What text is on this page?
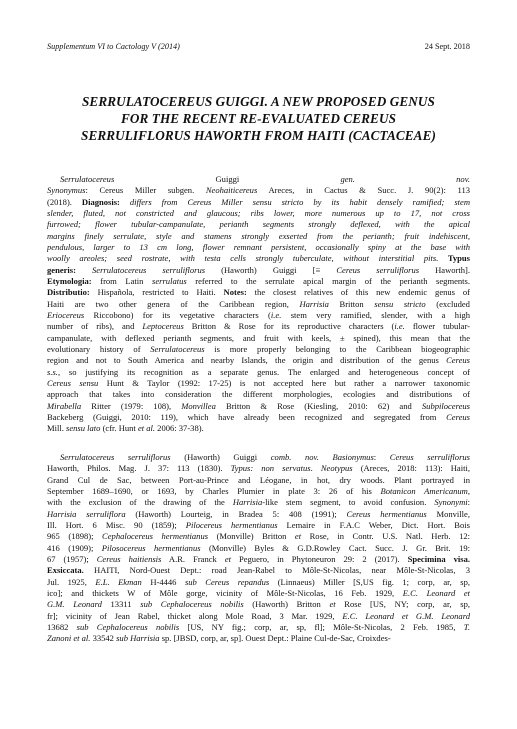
Supplementum VI to Cactology V (2014)	24 Sept. 2018
SERRULATOCEREUS GUIGGI. A NEW PROPOSED GENUS
FOR THE RECENT RE-EVALUATED CEREUS
SERRULIFLORUS HAWORTH FROM HAITI (CACTACEAE)
Serrulatocereus Guiggi gen. nov.
Synonymus: Cereus Miller subgen. Neohaiticereus Areces, in Cactus & Succ. J. 90(2): 113
(2018). Diagnosis: differs from Cereus Miller sensu stricto by its habit densely ramified; stem
slender, fluted, not constricted and glaucous; ribs lower, more numerous up to 17, not cross
furrowed; flower tubular-campanulate, perianth segments strongly deflexed, with the apical
margins finely serrulate, style and stamens strongly exserted from the perianth; fruit indehiscent,
pendulous, larger to 13 cm long, flower remnant persistent, occasionally spiny at the base with
woolly areoles; seed rostrate, with testa cells strongly tuberculate, without interstitial pits. Typus
generis: Serrulatocereus serruliflorus (Haworth) Guiggi [≡ Cereus serruliflorus Haworth].
Etymologia: from Latin serrulatus referred to the serrulate apical margin of the perianth segments.
Distributio: Hispañola, restricted to Haiti. Notes: the closest relatives of this new endemic genus of
Haiti are two other genera of the Caribbean region, Harrisia Britton sensu stricto (excluded
Eriocereus Riccobono) for its vegetative characters (i.e. stem very ramified, slender, with a high
number of ribs), and Leptocereus Britton & Rose for its reproductive characters (i.e. flower tubular-
campanulate, with deflexed perianth segments, and fruit with keels, ± spined), this mean that the
evolutionary history of Serrulatocereus is more properly belonging to the Caribbean biogeographic
region and not to South America and nearby Islands, the origin and distribution of the genus Cereus
s.s., so justifying its recognition as a separate genus. The enlarged and heterogeneous concept of
Cereus sensu Hunt & Taylor (1992: 17-25) is not accepted here but rather a narrower taxonomic
approach that takes into consideration the different morphologies, ecologies and distributions of
Mirabella Ritter (1979: 108), Monvillea Britton & Rose (Kiesling, 2010: 62) and Subpilocereus
Backeberg (Guiggi, 2010: 119), which have already been recognized and segregated from Cereus
Mill. sensu lato (cfr. Hunt et al. 2006: 37-38).
Serrulatocereus serruliflorus (Haworth) Guiggi comb. nov. Basionymus: Cereus serruliflorus
Haworth, Philos. Mag. J. 37: 113 (1830). Typus: non servatus. Neotypus (Areces, 2018: 113): Haiti,
Grand Cul de Sac, between Port-au-Prince and Léogane, in hot, dry woods. Plant portrayed in
September 1689–1690, or 1693, by Charles Plumier in plate 3: 26 of his Botanicon Americanum,
with the exclusion of the drawing of the Harrisia-like stem segment, to avoid confusion. Synonymi:
Harrisia serruliflora (Haworth) Lourteig, in Bradea 5: 408 (1991); Cereus hermentianus Monville,
Ill. Hort. 6 Misc. 90 (1859); Pilocereus hermentianus Lemaire in F.A.C Weber, Dict. Hort. Bois
965 (1898); Cephalocereus hermentianus (Monville) Britton et Rose, in Contr. U.S. Natl. Herb. 12:
416 (1909); Pilosocereus hermentianus (Monville) Byles & G.D.Rowley Cact. Succ. J. Gr. Brit. 19:
67 (1957); Cereus haitiensis A.R. Franck et Peguero, in Phytoneuron 29: 2 (2017). Specimina visa.
Exsiccata. HAITI, Nord-Ouest Dept.: road Jean-Rabel to Môle-St-Nicolas, near Môle-St-Nicolas, 3
Jul. 1925, E.L. Ekman H-4446 sub Cereus repandus (Linnaeus) Miller [S,US fig. 1; corp, ar, sp,
ico]; and thickets W of Môle gorge, vicinity of Môle-St-Nicolas, 16 Feb. 1929, E.C. Leonard et
G.M. Leonard 13311 sub Cephalocereus nobilis (Haworth) Britton et Rose [US, NY; corp, ar, sp,
fr]; vicinity of Jean Rabel, thicket along Mole Road, 3 Mar. 1929, E.C. Leonard et G.M. Leonard
13682 sub Cephalocereus nobilis [US, NY fig.; corp, ar, sp, fl]; Môle-St-Nicolas, 2 Feb. 1985, T.
Zanoni et al. 33542 sub Harrisia sp. [JBSD, corp, ar, sp]. Ouest Dept.: Plaine Cul-de-Sac, Croixdes-
